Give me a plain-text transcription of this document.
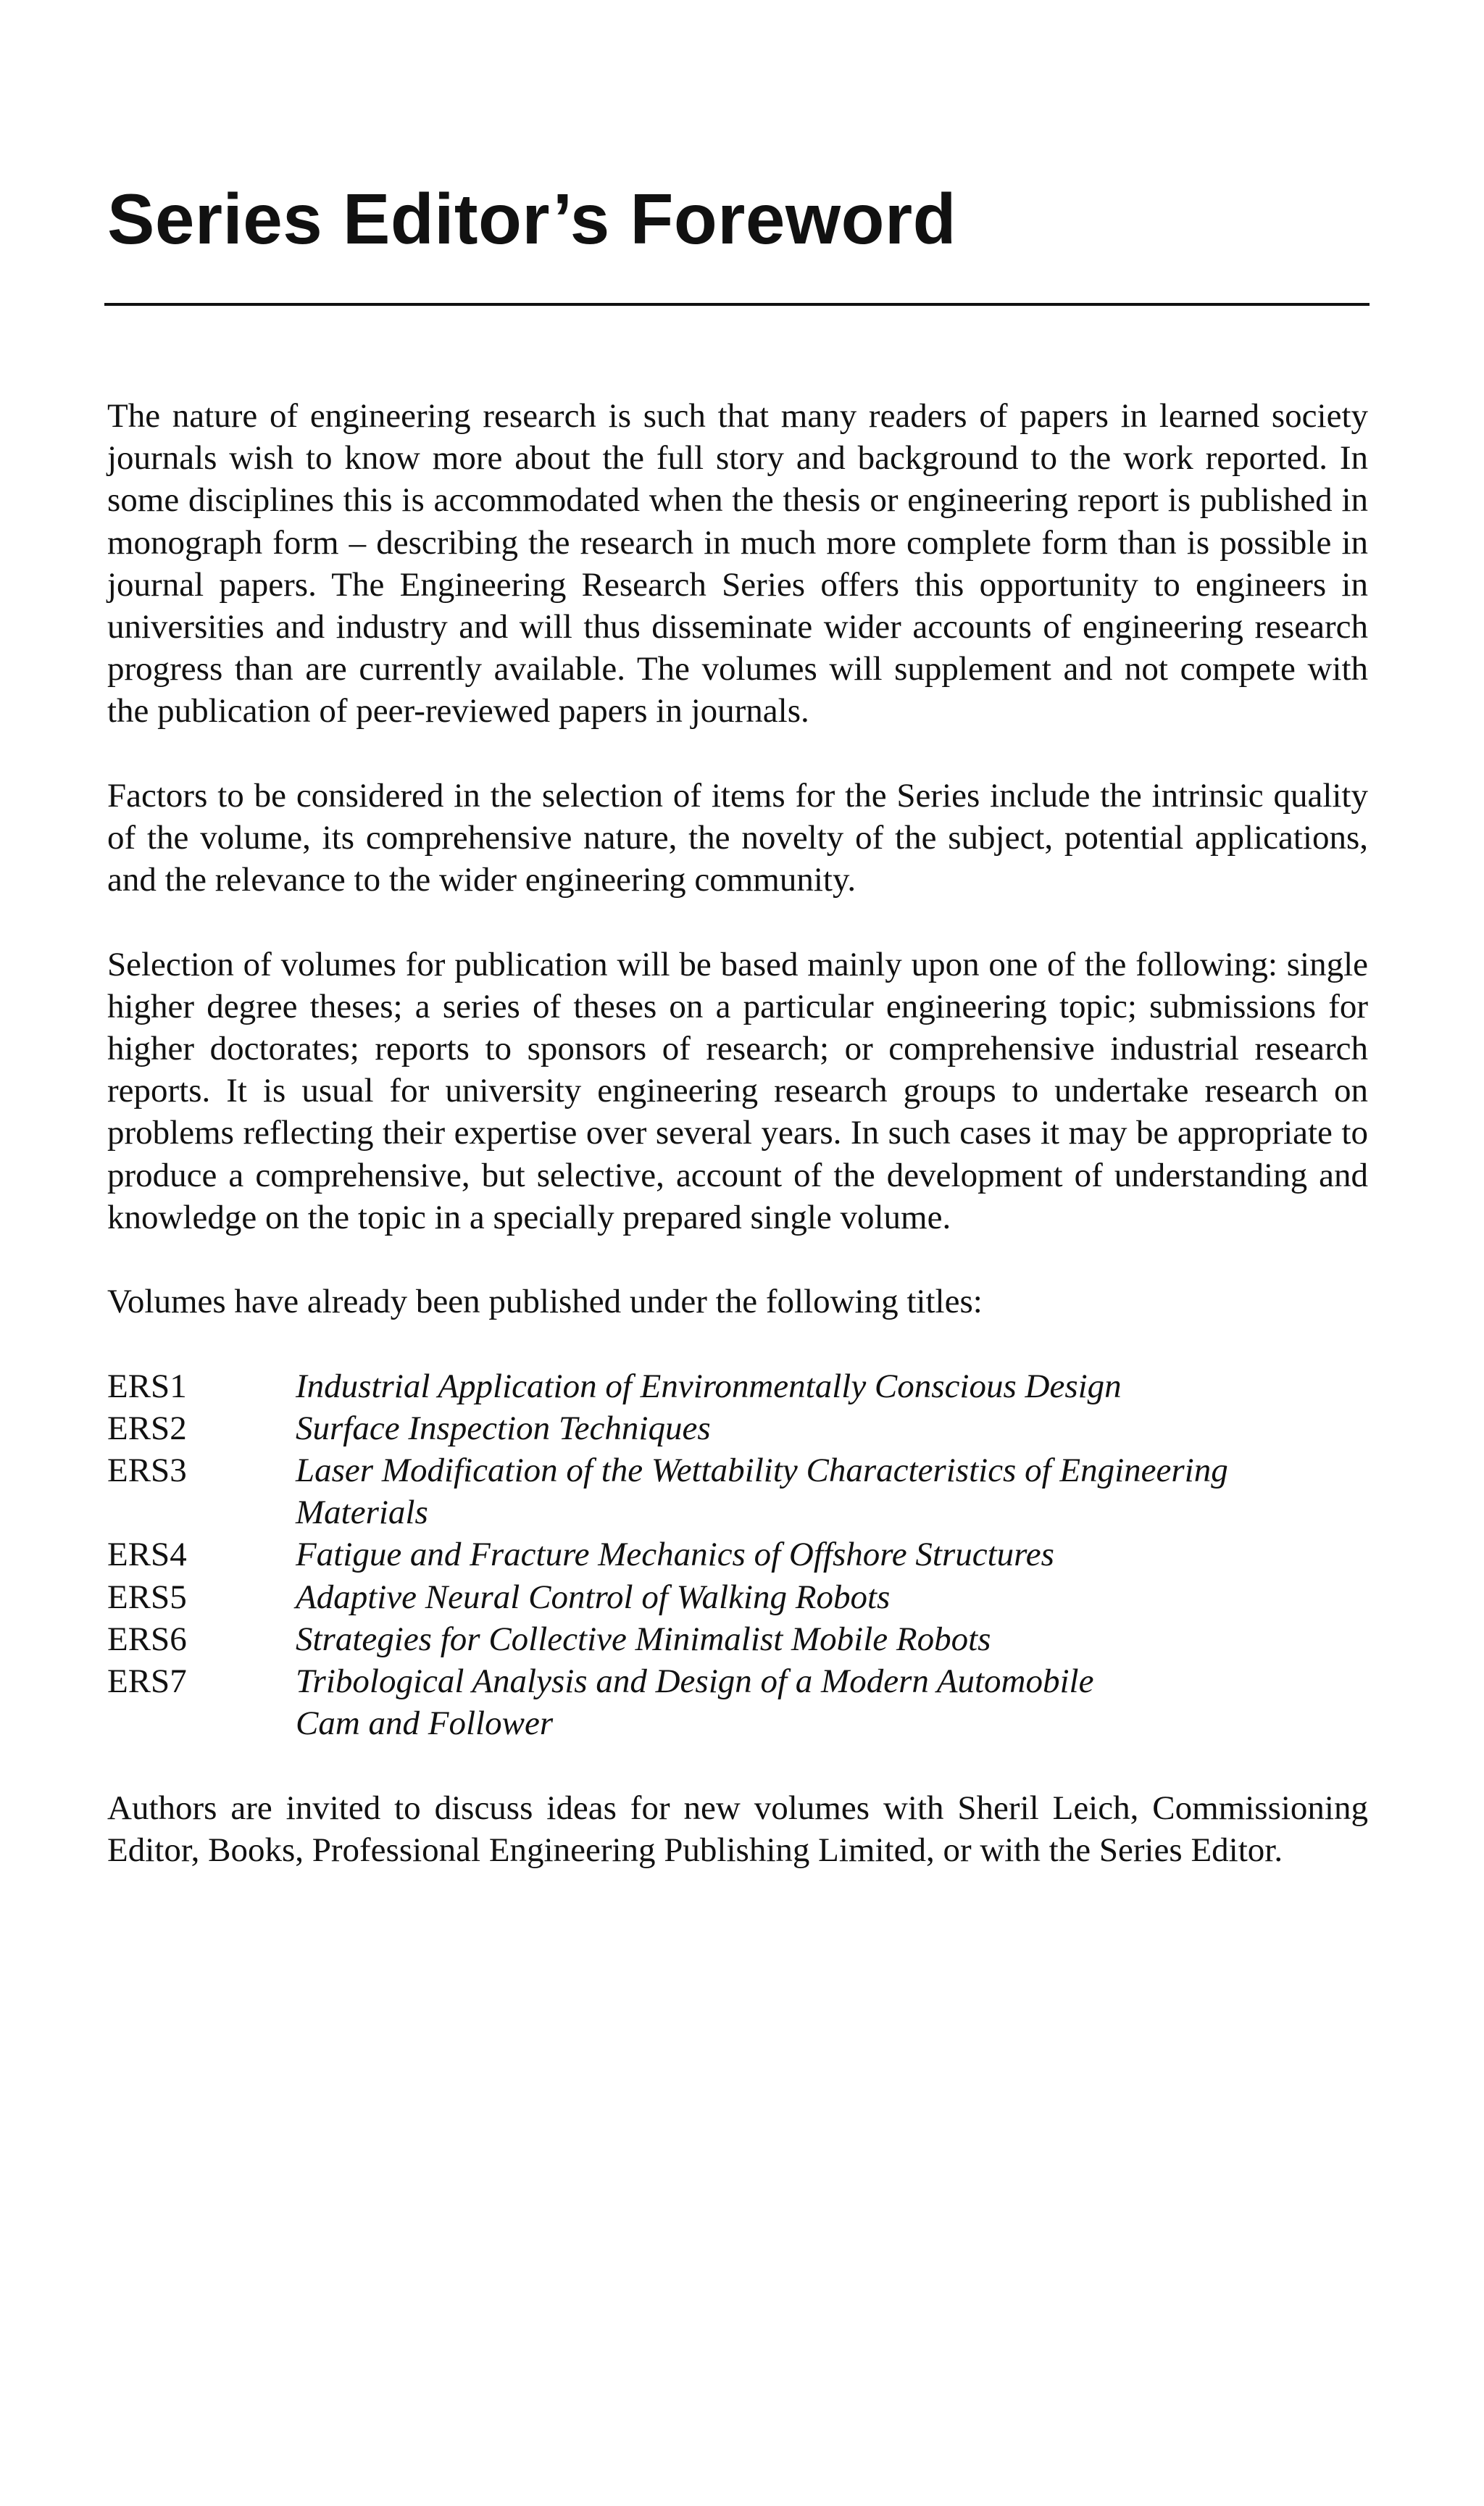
Series Editor’s Foreword

The nature of engineering research is such that many readers of papers in learned society journals wish to know more about the full story and background to the work reported. In some disciplines this is accommodated when the thesis or engineering report is published in monograph form – describing the research in much more complete form than is possible in journal papers. The Engineering Research Series offers this opportunity to engineers in universities and industry and will thus disseminate wider accounts of engineering research progress than are currently available. The volumes will supplement and not compete with the publication of peer-reviewed papers in journals.

Factors to be considered in the selection of items for the Series include the intrinsic quality of the volume, its comprehensive nature, the novelty of the subject, potential applications, and the relevance to the wider engineering community.

Selection of volumes for publication will be based mainly upon one of the following: single higher degree theses; a series of theses on a particular engineering topic; submissions for higher doctorates; reports to sponsors of research; or comprehensive industrial research reports. It is usual for university engineering research groups to undertake research on problems reflecting their expertise over several years. In such cases it may be appropriate to produce a comprehensive, but selective, account of the development of understanding and knowledge on the topic in a specially prepared single volume.

Volumes have already been published under the following titles:

ERS1	Industrial Application of Environmentally Conscious Design
ERS2	Surface Inspection Techniques
ERS3	Laser Modification of the Wettability Characteristics of Engineering
Materials
ERS4	Fatigue and Fracture Mechanics of Offshore Structures
ERS5	Adaptive Neural Control of Walking Robots
ERS6	Strategies for Collective Minimalist Mobile Robots
ERS7	Tribological Analysis and Design of a Modern Automobile
Cam and Follower

Authors are invited to discuss ideas for new volumes with Sheril Leich, Commissioning Editor, Books, Professional Engineering Publishing Limited, or with the Series Editor.
